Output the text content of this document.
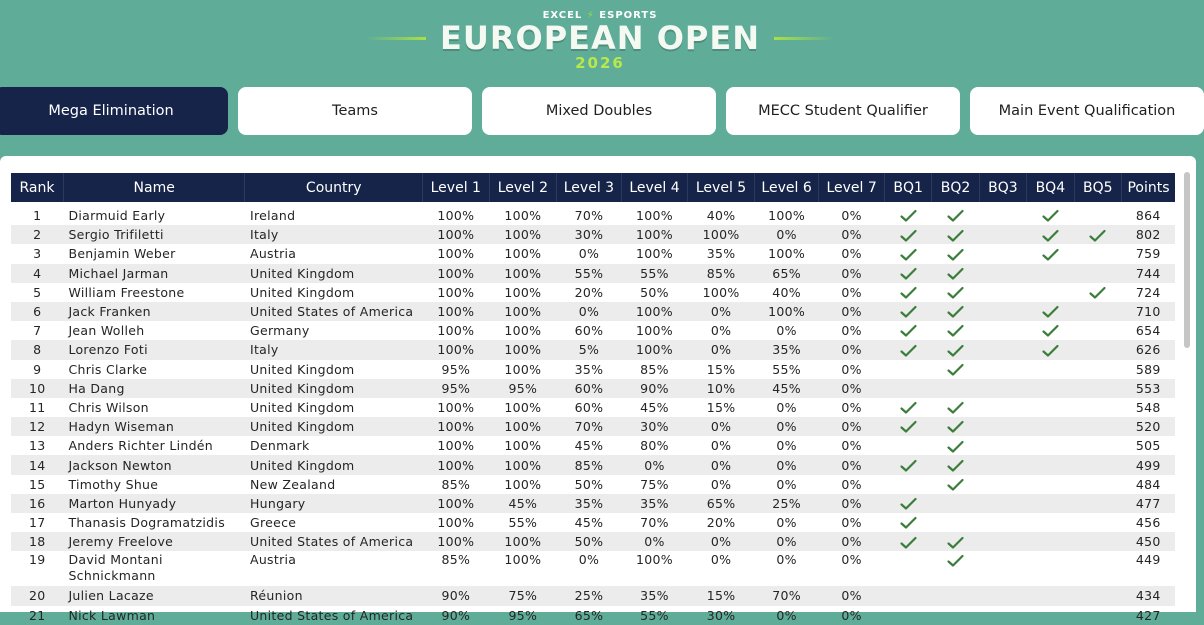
EXCEL ⚡ ESPORTS
EUROPEAN OPEN
2026
Mega Elimination	Teams	Mixed Doubles	MECC Student Qualifier	Main Event Qualification
Rank	Name	Country	Level 1	Level 2	Level 3	Level 4	Level 5	Level 6	Level 7	BQ1	BQ2	BQ3	BQ4	BQ5	Points

1	Diarmuid Early	Ireland	100%	100%	70%	100%	40%	100%	0%						864
2	Sergio Trifiletti	Italy	100%	100%	30%	100%	100%	0%	0%						802
3	Benjamin Weber	Austria	100%	100%	0%	100%	35%	100%	0%						759
4	Michael Jarman	United Kingdom	100%	100%	55%	55%	85%	65%	0%						744
5	William Freestone	United Kingdom	100%	100%	20%	50%	100%	40%	0%						724
6	Jack Franken	United States of America	100%	100%	0%	100%	0%	100%	0%						710
7	Jean Wolleh	Germany	100%	100%	60%	100%	0%	0%	0%						654
8	Lorenzo Foti	Italy	100%	100%	5%	100%	0%	35%	0%						626
9	Chris Clarke	United Kingdom	95%	100%	35%	85%	15%	55%	0%						589
10	Ha Dang	United Kingdom	95%	95%	60%	90%	10%	45%	0%						553
11	Chris Wilson	United Kingdom	100%	100%	60%	45%	15%	0%	0%						548
12	Hadyn Wiseman	United Kingdom	100%	100%	70%	30%	0%	0%	0%						520
13	Anders Richter Lindén	Denmark	100%	100%	45%	80%	0%	0%	0%						505
14	Jackson Newton	United Kingdom	100%	100%	85%	0%	0%	0%	0%						499
15	Timothy Shue	New Zealand	85%	100%	50%	75%	0%	0%	0%						484
16	Marton Hunyady	Hungary	100%	45%	35%	35%	65%	25%	0%						477
17	Thanasis Dogramatzidis	Greece	100%	55%	45%	70%	20%	0%	0%						456
18	Jeremy Freelove	United States of America	100%	100%	50%	0%	0%	0%	0%						450
19	David Montani Schnickmann	Austria	85%	100%	0%	100%	0%	0%	0%						449
20	Julien Lacaze	Réunion	90%	75%	25%	35%	15%	70%	0%						434
21	Nick Lawman	United States of America	90%	95%	65%	55%	30%	0%	0%						427
